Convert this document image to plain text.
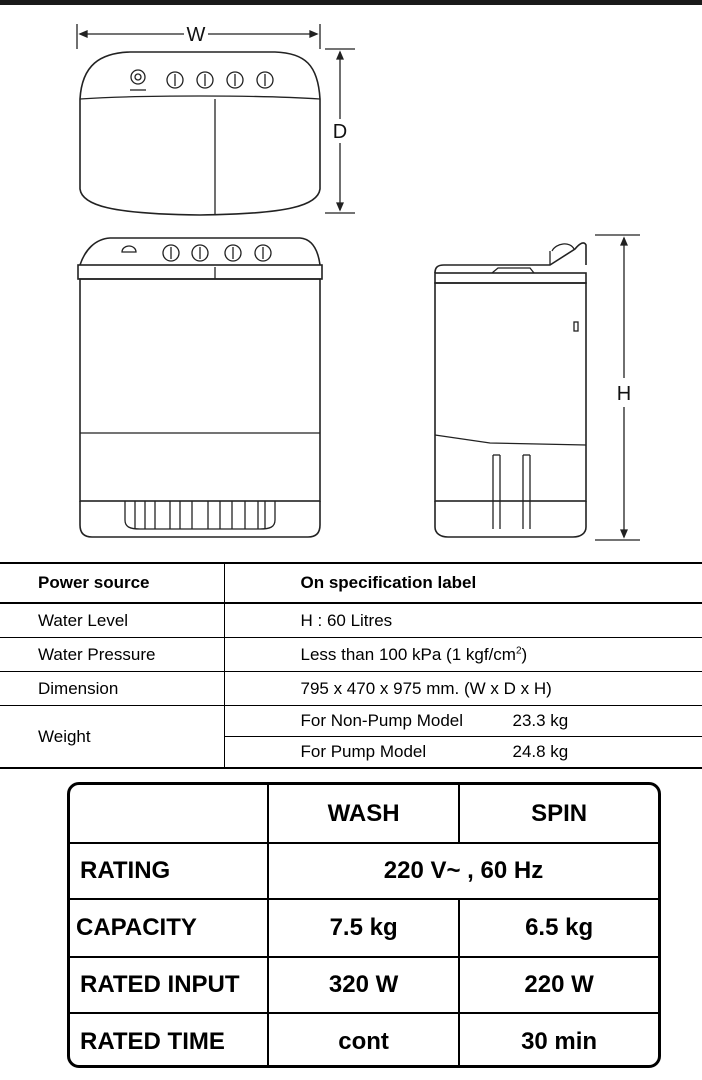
W
D
H
Power source	On specification label
Water Level	H : 60 Litres
Water Pressure	Less than 100 kPa (1 kgf/$cm^2$)
Dimension	795 x 470 x 975 mm. (W x D x H)
Weight	For Non-Pump Model 23.3 kg
	For Pump Model 24.8 kg
	WASH	SPIN
RATING	220 V~ , 60 Hz	
CAPACITY	7.5 kg	6.5 kg
RATED INPUT	320 W	220 W
RATED TIME	cont	30 min
